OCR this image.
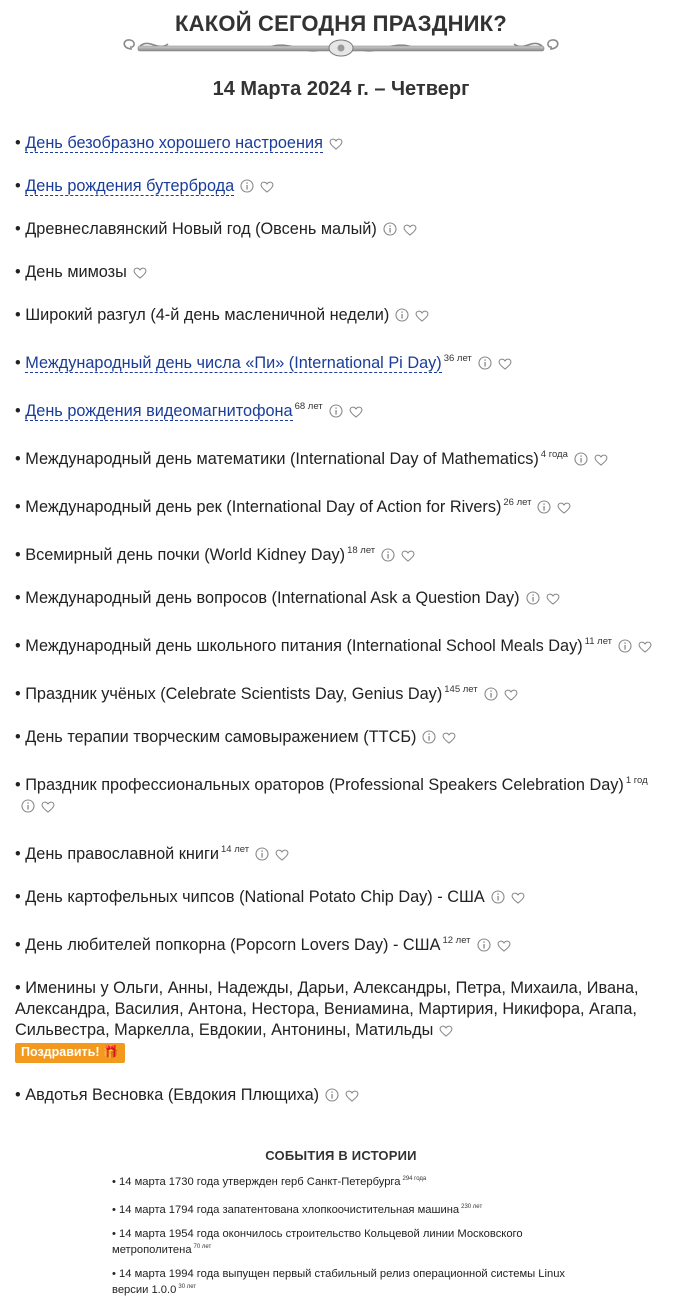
КАКОЙ СЕГОДНЯ ПРАЗДНИК?
14 Марта 2024 г. – Четверг
• День безобразно хорошего настроения
• День рождения бутерброда
• Древнеславянский Новый год (Овсень малый)
• День мимозы
• Широкий разгул (4-й день масленичной недели)
• Международный день числа «Пи» (International Pi Day) $^{36 лет}$
• День рождения видеомагнитофона $^{68 лет}$
• Международный день математики (International Day of Mathematics) $^{4 года}$
• Международный день рек (International Day of Action for Rivers) $^{26 лет}$
• Всемирный день почки (World Kidney Day) $^{18 лет}$
• Международный день вопросов (International Ask a Question Day)
• Международный день школьного питания (International School Meals Day) $^{11 лет}$
• Праздник учёных (Celebrate Scientists Day, Genius Day) $^{145 лет}$
• День терапии творческим самовыражением (ТТСБ)
• Праздник профессиональных ораторов (Professional Speakers Celebration Day) $^{1 год}$
• День православной книги $^{14 лет}$
• День картофельных чипсов (National Potato Chip Day) - США
• День любителей попкорна (Popcorn Lovers Day) - США $^{12 лет}$
• Именины у Ольги, Анны, Надежды, Дарьи, Александры, Петра, Михаила, Ивана, Александра, Василия, Антона, Нестора, Вениамина, Мартирия, Никифора, Агапа, Сильвестра, Маркелла, Евдокии, Антонины, Матильды
Поздравить! 🎁
• Авдотья Весновка (Евдокия Плющиха)
СОБЫТИЯ В ИСТОРИИ
• 14 марта 1730 года утвержден герб Санкт-Петербурга $^{294 года}$
• 14 марта 1794 года запатентована хлопкоочистительная машина $^{230 лет}$
• 14 марта 1954 года окончилось строительство Кольцевой линии Московского метрополитена $^{70 лет}$
• 14 марта 1994 года выпущен первый стабильный релиз операционной системы Linux версии 1.0.0 $^{30 лет}$
